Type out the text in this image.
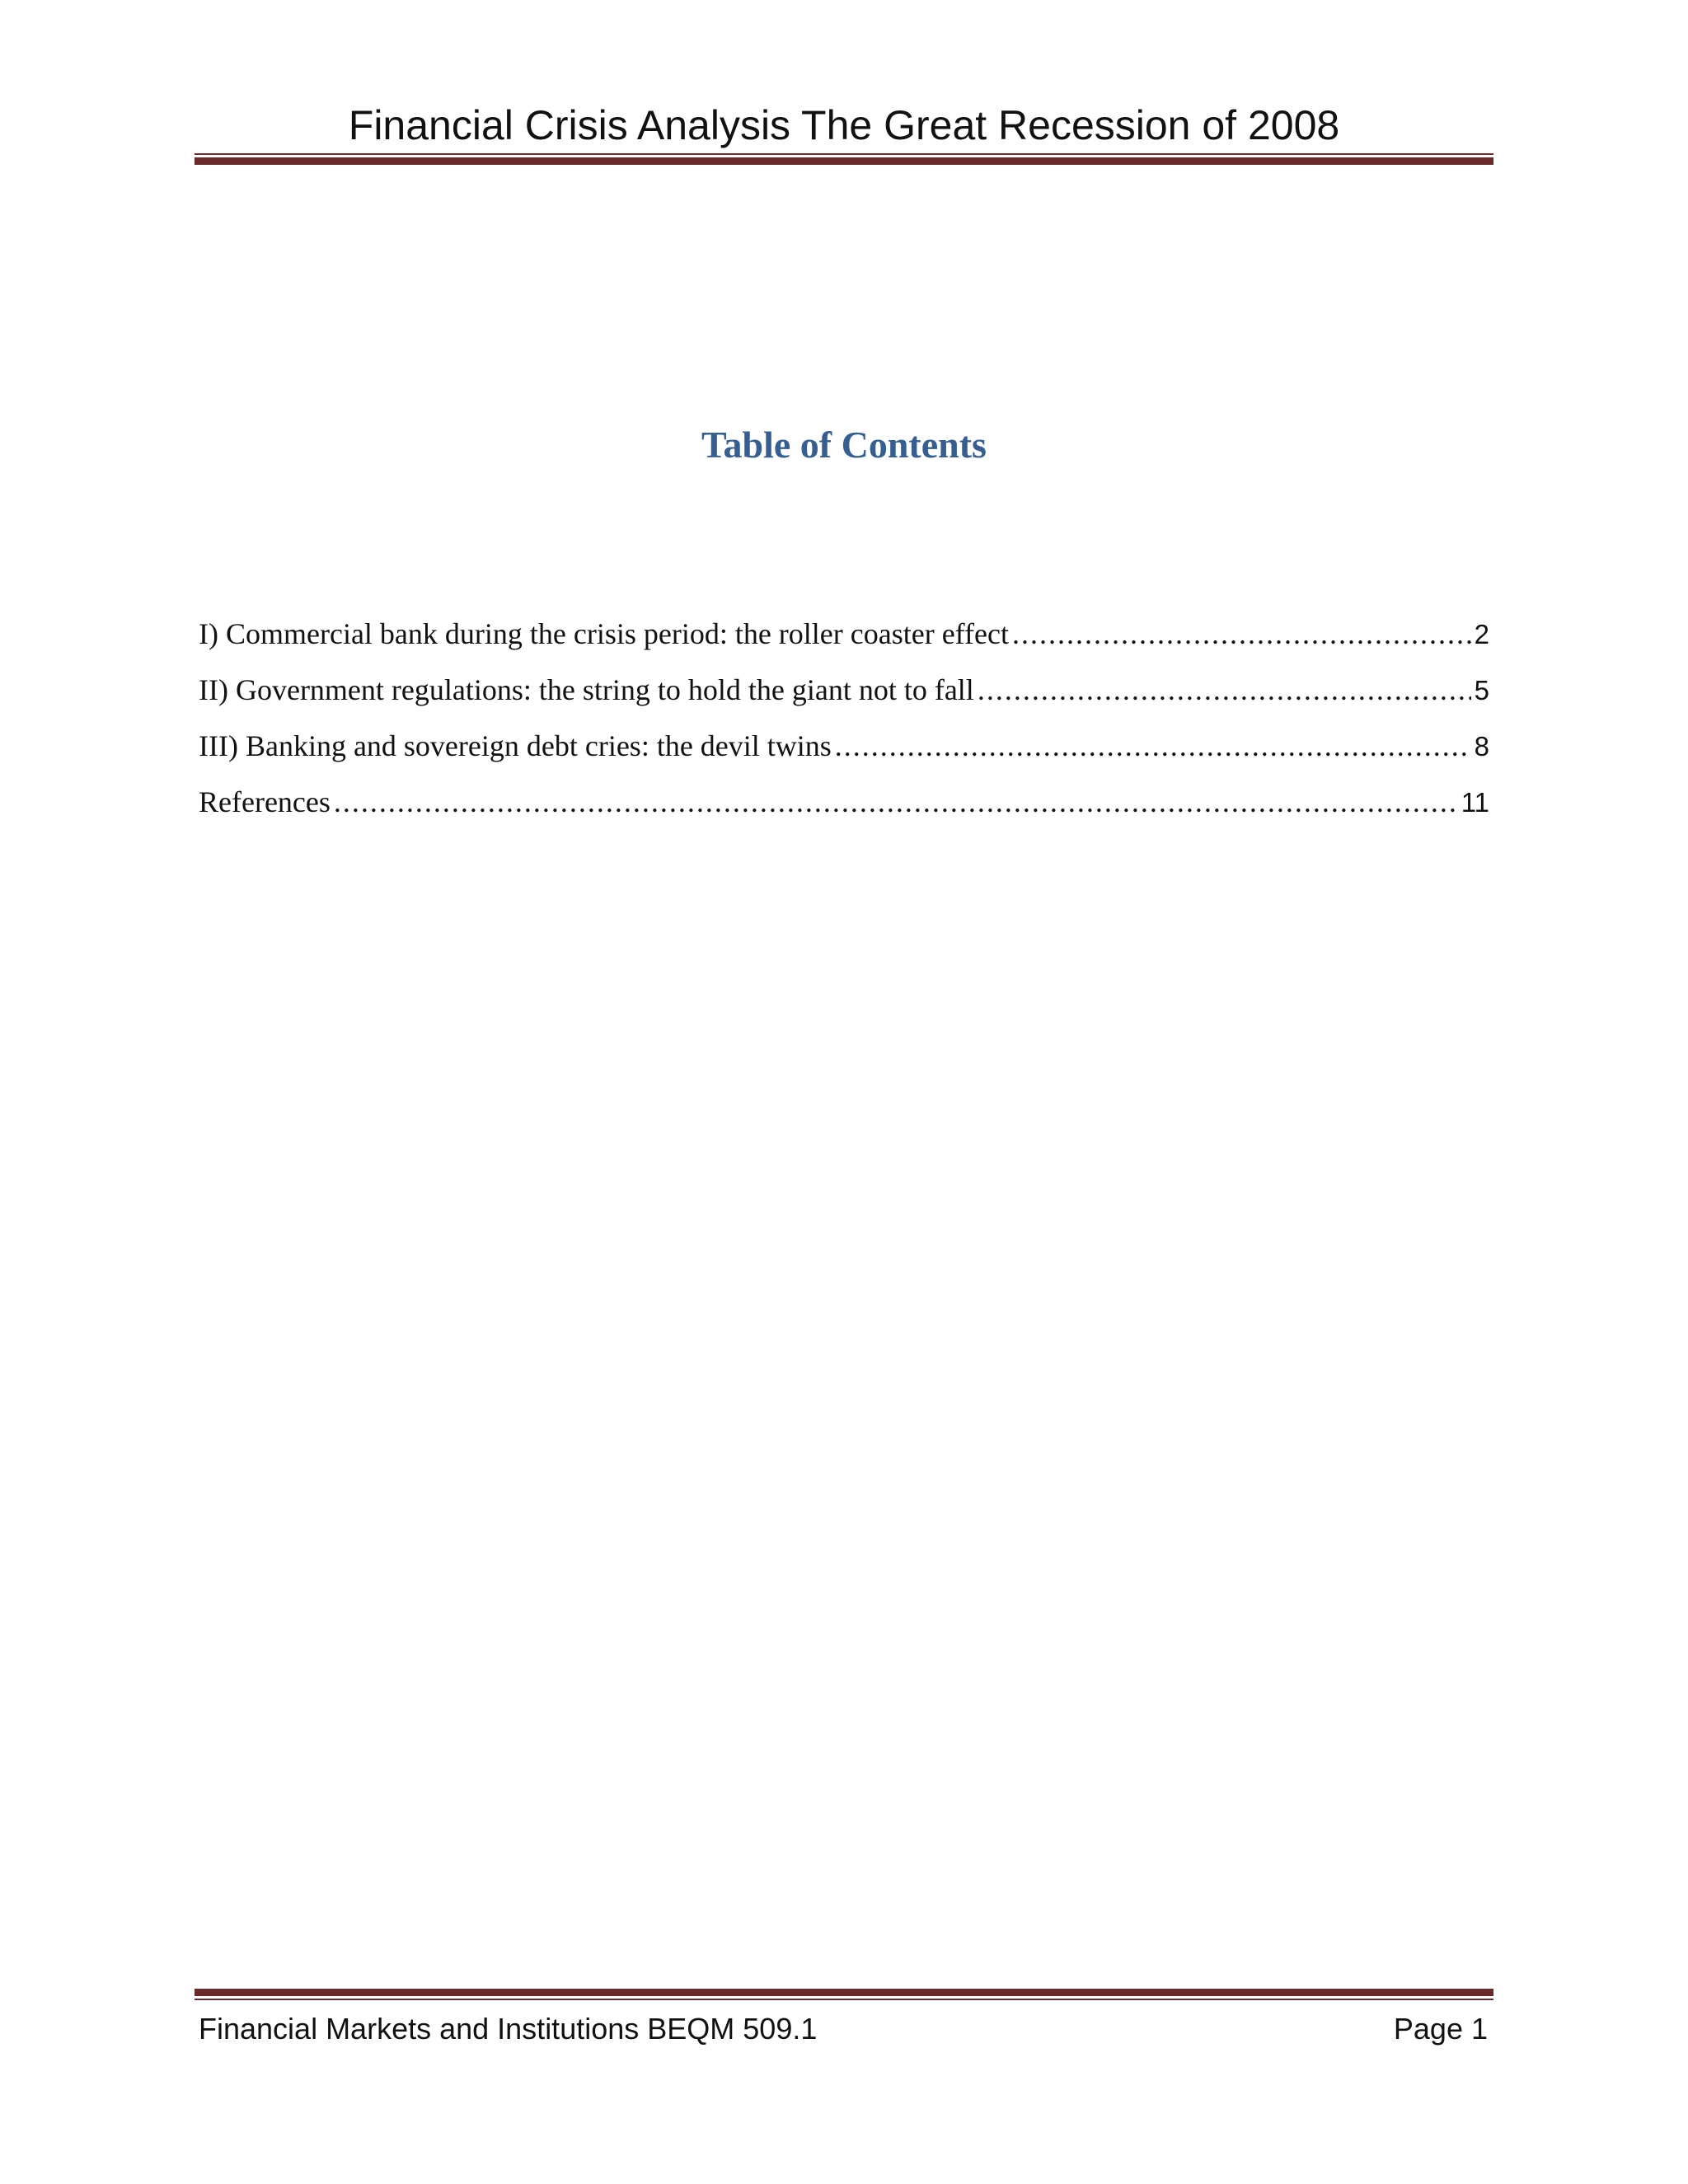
Financial Crisis Analysis The Great Recession of 2008
Table of Contents
I) Commercial bank during the crisis period: the roller coaster effect .....	2
II) Government regulations: the string to hold the giant not to fall .....	5
III) Banking and sovereign debt cries: the devil twins .....	8
References .....	11
Financial Markets and Institutions BEQM 509.1	Page 1
